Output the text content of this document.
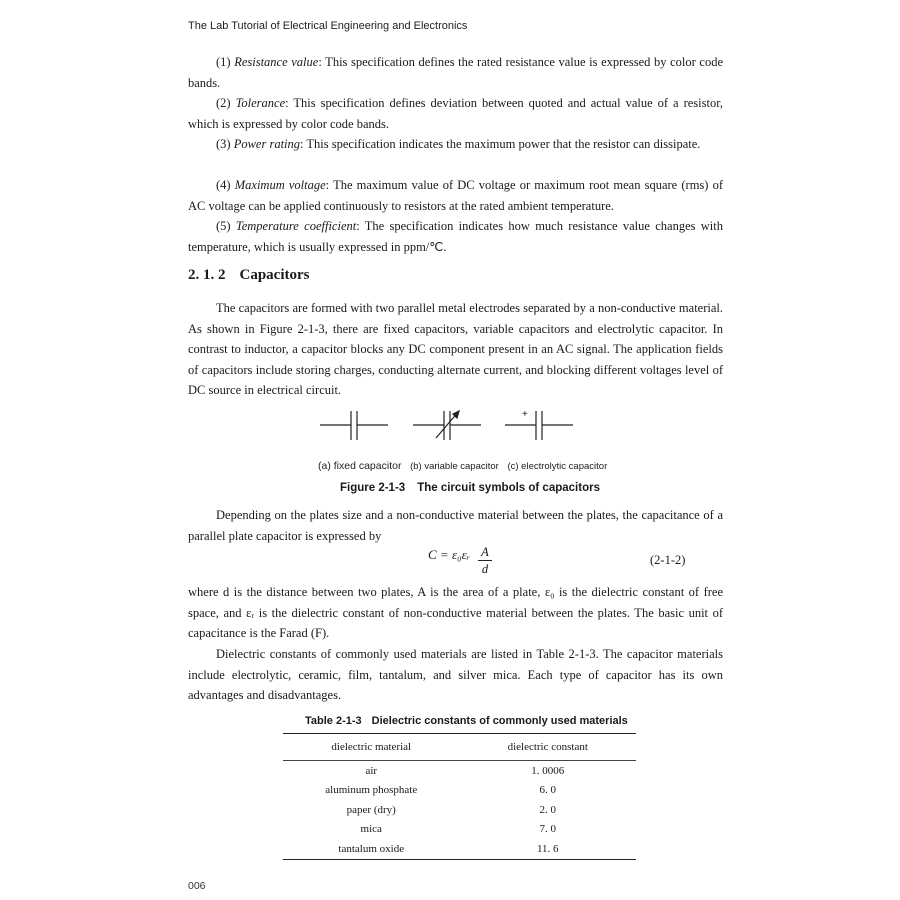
The Lab Tutorial of Electrical Engineering and Electronics

(1) Resistance value: This specification defines the rated resistance value is expressed by color code bands.

(2) Tolerance: This specification defines deviation between quoted and actual value of a resistor, which is expressed by color code bands.

(3) Power rating: This specification indicates the maximum power that the resistor can dissipate.

(4) Maximum voltage: The maximum value of DC voltage or maximum root mean square (rms) of AC voltage can be applied continuously to resistors at the rated ambient temperature.

(5) Temperature coefficient: The specification indicates how much resistance value changes with temperature, which is usually expressed in ppm/℃.

2. 1. 2 Capacitors

The capacitors are formed with two parallel metal electrodes separated by a non-conductive material. As shown in Figure 2-1-3, there are fixed capacitors, variable capacitors and electrolytic capacitor. In contrast to inductor, a capacitor blocks any DC component present in an AC signal. The application fields of capacitors include storing charges, conducting alternate current, and blocking different voltages level of DC source in electrical circuit.

+
(a) fixed capacitor (b) variable capacitor (c) electrolytic capacitor
Figure 2-1-3 The circuit symbols of capacitors

Depending on the plates size and a non-conductive material between the plates, the capacitance of a parallel plate capacitor is expressed by

C = ε₀εᵣ A
d
(2-1-2)

where d is the distance between two plates, A is the area of a plate, ε₀ is the dielectric constant of free space, and εᵣ is the dielectric constant of non-conductive material between the plates. The basic unit of capacitance is the Farad (F).

Dielectric constants of commonly used materials are listed in Table 2-1-3. The capacitor materials include electrolytic, ceramic, film, tantalum, and silver mica. Each type of capacitor has its own advantages and disadvantages.

Table 2-1-3 Dielectric constants of commonly used materials
dielectric material	dielectric constant
air	1. 0006
aluminum phosphate	6. 0
paper (dry)	2. 0
mica	7. 0
tantalum oxide	11. 6
006
